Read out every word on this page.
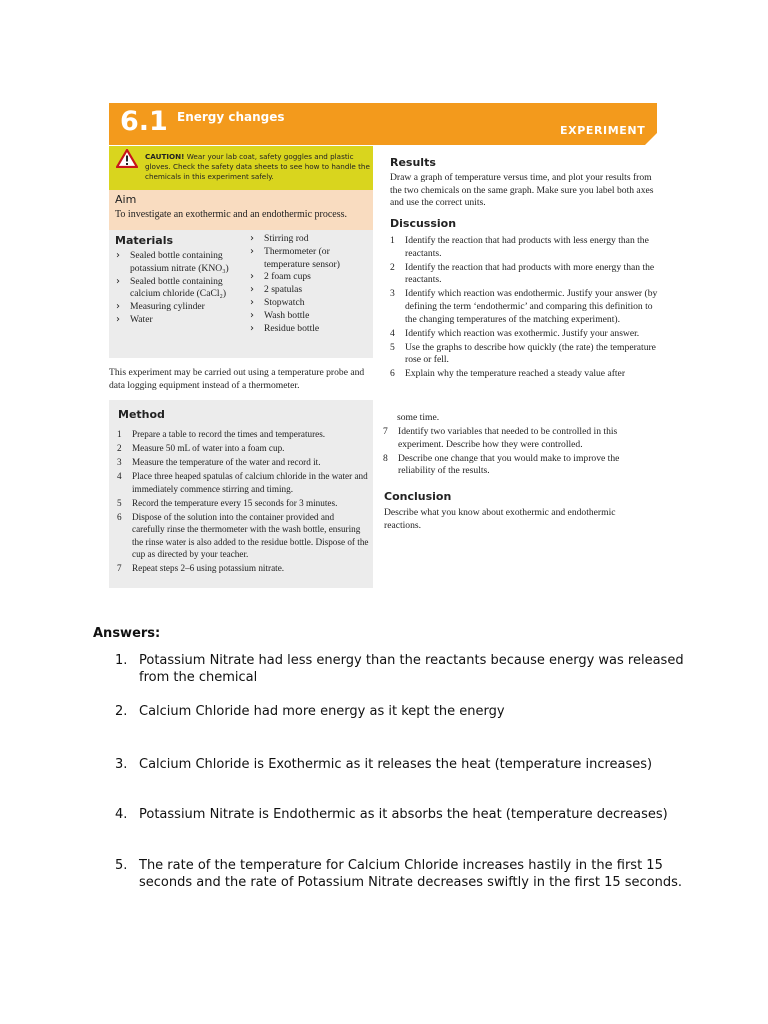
6.1 Energy changes
EXPERIMENT
CAUTION! Wear your lab coat, safety goggles and plastic gloves. Check the safety data sheets to see how to handle the chemicals in this experiment safely.
Aim
To investigate an exothermic and an endothermic process.
Materials
› Sealed bottle containing potassium nitrate (KNO₃)
› Sealed bottle containing calcium chloride (CaCl₂)
› Measuring cylinder
› Water
› Stirring rod
› Thermometer (or temperature sensor)
› 2 foam cups
› 2 spatulas
› Stopwatch
› Wash bottle
› Residue bottle
This experiment may be carried out using a temperature probe and data logging equipment instead of a thermometer.
Method
1 Prepare a table to record the times and temperatures.
2 Measure 50 mL of water into a foam cup.
3 Measure the temperature of the water and record it.
4 Place three heaped spatulas of calcium chloride in the water and immediately commence stirring and timing.
5 Record the temperature every 15 seconds for 3 minutes.
6 Dispose of the solution into the container provided and carefully rinse the thermometer with the wash bottle, ensuring the rinse water is also added to the residue bottle. Dispose of the cup as directed by your teacher.
7 Repeat steps 2–6 using potassium nitrate.
Results
Draw a graph of temperature versus time, and plot your results from the two chemicals on the same graph. Make sure you label both axes and use the correct units.
Discussion
1 Identify the reaction that had products with less energy than the reactants.
2 Identify the reaction that had products with more energy than the reactants.
3 Identify which reaction was endothermic. Justify your answer (by defining the term ‘endothermic’ and comparing this definition to the changing temperatures of the matching experiment).
4 Identify which reaction was exothermic. Justify your answer.
5 Use the graphs to describe how quickly (the rate) the temperature rose or fell.
6 Explain why the temperature reached a steady value after
some time.
7 Identify two variables that needed to be controlled in this experiment. Describe how they were controlled.
8 Describe one change that you would make to improve the reliability of the results.
Conclusion
Describe what you know about exothermic and endothermic reactions.
Answers:
1. Potassium Nitrate had less energy than the reactants because energy was released from the chemical
2. Calcium Chloride had more energy as it kept the energy
3. Calcium Chloride is Exothermic as it releases the heat (temperature increases)
4. Potassium Nitrate is Endothermic as it absorbs the heat (temperature decreases)
5. The rate of the temperature for Calcium Chloride increases hastily in the first 15 seconds and the rate of Potassium Nitrate decreases swiftly in the first 15 seconds.
